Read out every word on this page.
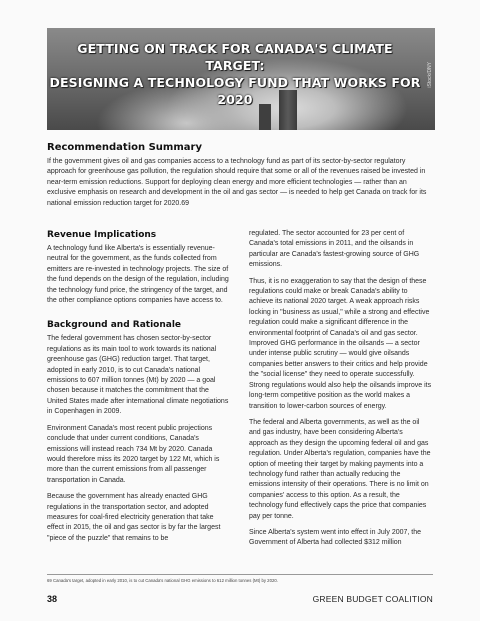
GETTING ON TRACK FOR CANADA'S CLIMATE TARGET:
DESIGNING A TECHNOLOGY FUND THAT WORKS FOR 2020
iStock/DNY
Recommendation Summary

If the government gives oil and gas companies access to a technology fund as part of its sector-by-sector regulatory approach for greenhouse gas pollution, the regulation should require that some or all of the revenues raised be invested in near-term emission reductions. Support for deploying clean energy and more efficient technologies — rather than an exclusive emphasis on research and development in the oil and gas sector — is needed to help get Canada on track for its national emission reduction target for 2020.69

Revenue Implications

A technology fund like Alberta's is essentially revenue-neutral for the government, as the funds collected from emitters are re-invested in technology projects. The size of the fund depends on the design of the regulation, including the technology fund price, the stringency of the target, and the other compliance options companies have access to.

Background and Rationale

The federal government has chosen sector-by-sector regulations as its main tool to work towards its national greenhouse gas (GHG) reduction target. That target, adopted in early 2010, is to cut Canada's national emissions to 607 million tonnes (Mt) by 2020 — a goal chosen because it matches the commitment that the United States made after international climate negotiations in Copenhagen in 2009.

Environment Canada's most recent public projections conclude that under current conditions, Canada's emissions will instead reach 734 Mt by 2020. Canada would therefore miss its 2020 target by 122 Mt, which is more than the current emissions from all passenger transportation in Canada.

Because the government has already enacted GHG regulations in the transportation sector, and adopted measures for coal-fired electricity generation that take effect in 2015, the oil and gas sector is by far the largest "piece of the puzzle" that remains to be

regulated. The sector accounted for 23 per cent of Canada's total emissions in 2011, and the oilsands in particular are Canada's fastest-growing source of GHG emissions.

Thus, it is no exaggeration to say that the design of these regulations could make or break Canada's ability to achieve its national 2020 target. A weak approach risks locking in "business as usual," while a strong and effective regulation could make a significant difference in the environmental footprint of Canada's oil and gas sector. Improved GHG performance in the oilsands — a sector under intense public scrutiny — would give oilsands companies better answers to their critics and help provide the "social license" they need to operate successfully. Strong regulations would also help the oilsands improve its long-term competitive position as the world makes a transition to lower-carbon sources of energy.

The federal and Alberta governments, as well as the oil and gas industry, have been considering Alberta's approach as they design the upcoming federal oil and gas regulation. Under Alberta's regulation, companies have the option of meeting their target by making payments into a technology fund rather than actually reducing the emissions intensity of their operations. There is no limit on companies' access to this option. As a result, the technology fund effectively caps the price that companies pay per tonne.

Since Alberta's system went into effect in July 2007, the Government of Alberta had collected $312 million

69 Canada's target, adopted in early 2010, is to cut Canada's national GHG emissions to 612 million tonnes (Mt) by 2020.
38	GREEN BUDGET COALITION
